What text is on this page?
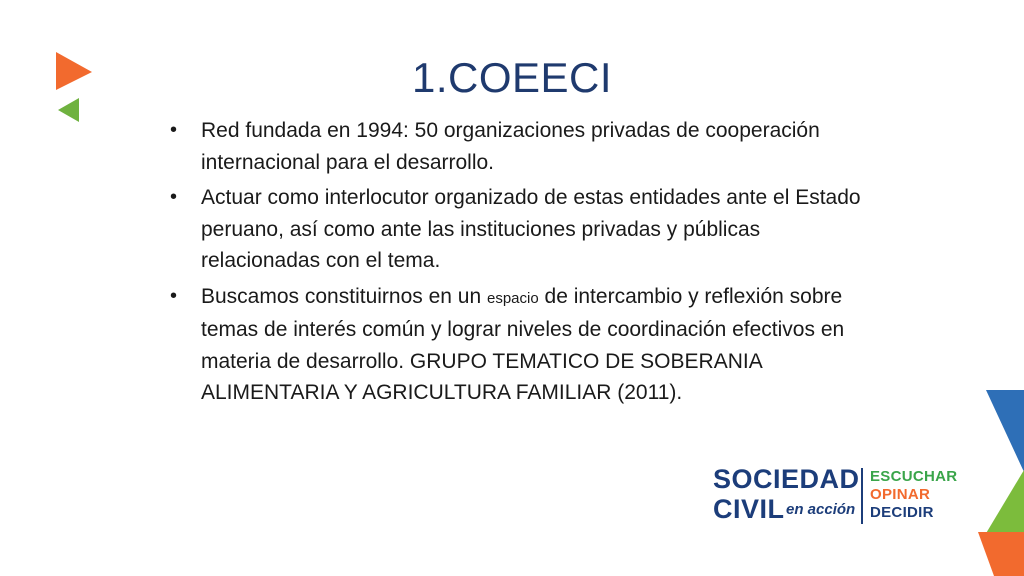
1.COEECI
• Red fundada en 1994: 50 organizaciones privadas de cooperación internacional para el desarrollo.
• Actuar como interlocutor organizado de estas entidades ante el Estado peruano, así como ante las instituciones privadas y públicas relacionadas con el tema.
• Buscamos constituirnos en un espacio de intercambio y reflexión sobre temas de interés común y lograr niveles de coordinación efectivos en materia de desarrollo. GRUPO TEMATICO DE SOBERANIA ALIMENTARIA Y AGRICULTURA FAMILIAR (2011).
SOCIEDAD
CIVIL en acción
ESCUCHAR
OPINAR
DECIDIR
